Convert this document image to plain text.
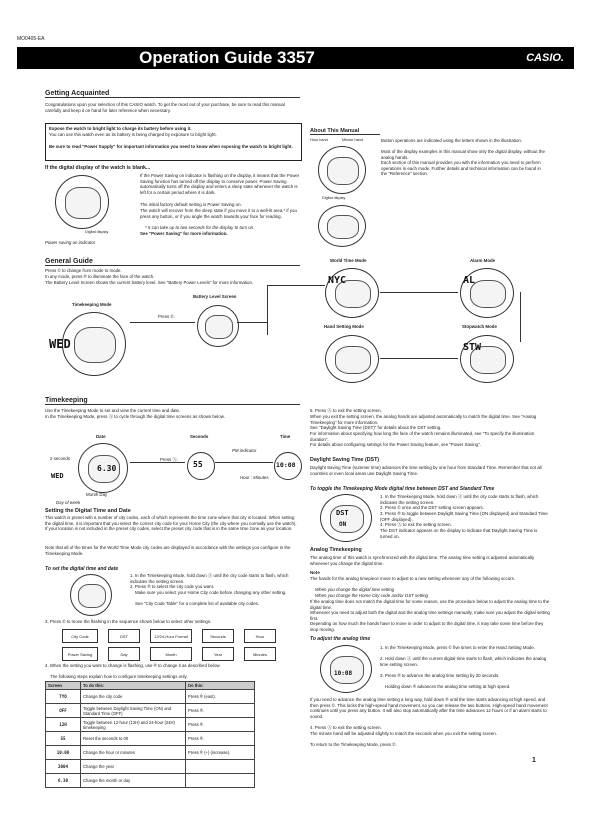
MO0405-EA
Operation Guide 3357	CASIO.
Getting Acquainted
Congratulations upon your selection of this CASIO watch. To get the most out of your purchase, be sure to read this manual carefully and keep it on hand for later reference when necessary.
Expose the watch to bright light to charge its battery before using it.
You can use this watch even as its battery is being charged by exposure to bright light.
Be sure to read "Power Supply" for important information you need to know when exposing the watch to bright light.
If the digital display of the watch is blank...
Digital display
Power saving on indicator
If the Power Saving on indicator is flashing on the display, it means that the Power Saving function has turned off the display to conserve power. Power Saving automatically turns off the display and enters a sleep state whenever the watch is left for a certain period where it is dark.
The initial factory default setting is Power Saving on.
The watch will recover from the sleep state if you move it to a well-lit area,* if you press any button, or if you angle the watch towards your face for reading.
* It can take up to two seconds for the display to turn on.
See "Power Saving" for more information.
About This Manual
Hour hand	Minute hand
Digital display
Button operations are indicated using the letters shown in the illustration.
Most of the display examples in this manual show only the digital display, without the analog hands.
Each section of this manual provides you with the information you need to perform operations in each mode. Further details and technical information can be found in the "Reference" section.
General Guide
Press © to change from mode to mode.
In any mode, press ® to illuminate the face of the watch.
The Battery Level Screen shows the current battery level. See "Battery Power Levels" for more information.
Battery Level Screen
Timekeeping Mode
WED
Press ©.
World Time Mode	Alarm Mode
NYC	AL
Hand Setting Mode	Stopwatch Mode
STW
Timekeeping
Use the Timekeeping Mode to set and view the current time and date.
In the Timekeeping Mode, press Ⓐ to cycle through the digital time screens as shown below.
Date	Seconds	Time
2 seconds
6.30
WED
Month Day
Day of week
Press Ⓐ.
55
PM indicator
10:08
Hour : Minutes
Setting the Digital Time and Date
This watch is preset with a number of city codes, each of which represents the time zone where that city is located. When setting the digital time, it is important that you select the correct city code for your Home City (the city where you normally use the watch). If your location is not included in the preset city codes, select the preset city code that is in the same time zone as your location.
Note that all of the times for the World Time Mode city codes are displayed in accordance with the settings you configure in the Timekeeping Mode.
To set the digital time and date
1. In the Timekeeping Mode, hold down Ⓐ until the city code starts to flash, which indicates the setting screen.
2. Press ® to select the city code you want.
Make sure you select your Home City code before changing any other setting.
See "City Code Table" for a complete list of available city codes.
3. Press © to move the flashing in the sequence shown below to select other settings.
City Code	DST	12/24-Hour Format	Seconds	Hour
Power Saving	Day	Month	Year	Minutes
4. When the setting you want to change is flashing, use ® to change it as described below.
The following steps explain how to configure timekeeping settings only.
Screen	To do this:	Do this:
TYO	Change the city code	Press ® (east).
OFF	Toggle between Daylight Saving Time (ON) and Standard Time (OFF)	Press ®.
12H	Toggle between 12-hour (12H) and 24-hour (24H) timekeeping	Press ®.
55	Reset the seconds to 00	Press ®.
10:08	Change the hour or minutes	Press ® (+) (increase).
2004	Change the year	
6.30	Change the month or day	
5. Press Ⓐ to exit the setting screen.
When you exit the setting screen, the analog hands are adjusted automatically to match the digital time. See "Analog Timekeeping" for more information.
See "Daylight Saving Time (DST)" for details about the DST setting.
For information about specifying how long the face of the watch remains illuminated, see "To specify the illumination duration".
For details about configuring settings for the Power Saving feature, see "Power Saving".
Daylight Saving Time (DST)
Daylight Saving Time (summer time) advances the time setting by one hour from Standard Time. Remember that not all countries or even local areas use Daylight Saving Time.
To toggle the Timekeeping Mode digital time between DST and Standard Time
DST
ON
1. In the Timekeeping Mode, hold down Ⓐ until the city code starts to flash, which indicates the setting screen.
2. Press © once and the DST setting screen appears.
3. Press ® to toggle between Daylight Saving Time (ON displayed) and Standard Time (OFF displayed).
4. Press Ⓐ to exit the setting screen.
The DST indicator appears on the display to indicate that Daylight Saving Time is turned on.
Analog Timekeeping
The analog time of this watch is synchronized with the digital time. The analog time setting is adjusted automatically whenever you change the digital time.
Note
The hands for the analog timepiece move to adjust to a new setting whenever any of the following occurs.
When you change the digital time setting
When you change the Home City code and/or DST setting
If the analog time does not match the digital time for some reason, use the procedure below to adjust the analog time to the digital time.
Whenever you need to adjust both the digital and the analog time settings manually, make sure you adjust the digital setting first.
Depending on how much the hands have to move in order to adjust to the digital time, it may take some time before they stop moving.
To adjust the analog time
10:08
1. In the Timekeeping Mode, press © five times to enter the Hand Setting Mode.
2. Hold down Ⓐ until the current digital time starts to flash, which indicates the analog time setting screen.
3. Press ® to advance the analog time setting by 20 seconds.
Holding down ® advances the analog time setting at high speed.
If you need to advance the analog time setting a long way, hold down ® until the time starts advancing at high speed, and then press ©. This locks the high-speed hand movement, so you can release the two buttons. High-speed hand movement continues until you press any button. It will also stop automatically after the time advances 12 hours or if an alarm starts to sound.
4. Press Ⓐ to exit the setting screen.
The minute hand will be adjusted slightly to match the seconds when you exit the setting screen.
To return to the Timekeeping Mode, press ©.
1
